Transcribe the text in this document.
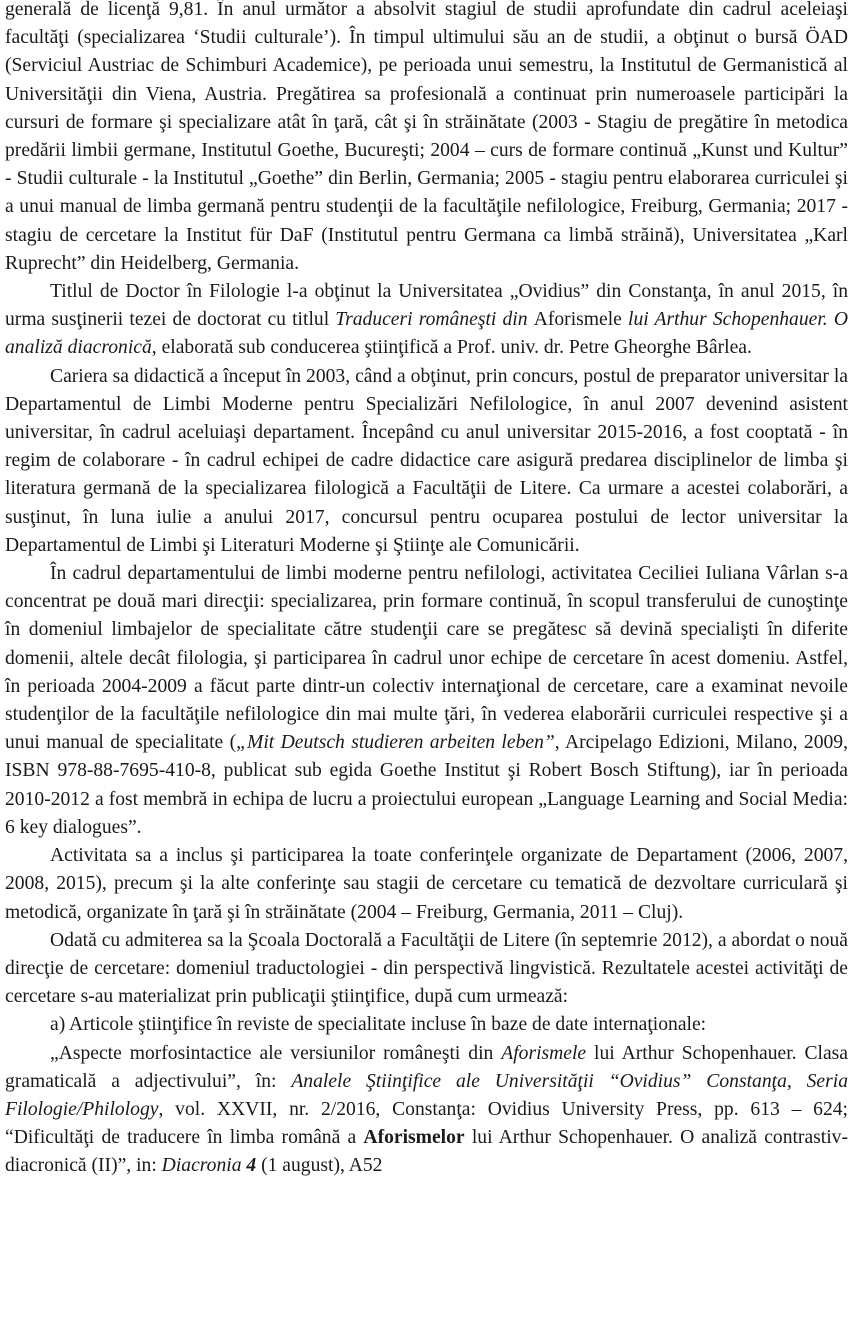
generală de licenţă 9,81. În anul următor a absolvit stagiul de studii aprofundate din cadrul aceleiaşi facultăţi (specializarea ‘Studii culturale’). În timpul ultimului său an de studii, a obţinut o bursă ÖAD (Serviciul Austriac de Schimburi Academice), pe perioada unui semestru, la Institutul de Germanistică al Universităţii din Viena, Austria. Pregătirea sa profesională a continuat prin numeroasele participări la cursuri de formare şi specializare atât în ţară, cât şi în străinătate (2003 - Stagiu de pregătire în metodica predării limbii germane, Institutul Goethe, Bucureşti; 2004 – curs de formare continuă „Kunst und Kultur” - Studii culturale - la Institutul „Goethe” din Berlin, Germania; 2005 - stagiu pentru elaborarea curriculei şi a unui manual de limba germană pentru studenţii de la facultăţile nefilologice, Freiburg, Germania; 2017 - stagiu de cercetare la Institut für DaF (Institutul pentru Germana ca limbă străină), Universitatea „Karl Ruprecht” din Heidelberg, Germania.

Titlul de Doctor în Filologie l-a obţinut la Universitatea „Ovidius” din Constanţa, în anul 2015, în urma susţinerii tezei de doctorat cu titlul Traduceri româneşti din Aforismele lui Arthur Schopenhauer. O analiză diacronică, elaborată sub conducerea ştiinţifică a Prof. univ. dr. Petre Gheorghe Bârlea.

Cariera sa didactică a început în 2003, când a obţinut, prin concurs, postul de preparator universitar la Departamentul de Limbi Moderne pentru Specializări Nefilologice, în anul 2007 devenind asistent universitar, în cadrul aceluiaşi departament. Începând cu anul universitar 2015-2016, a fost cooptată - în regim de colaborare - în cadrul echipei de cadre didactice care asigură predarea disciplinelor de limba şi literatura germană de la specializarea filologică a Facultăţii de Litere. Ca urmare a acestei colaborări, a susţinut, în luna iulie a anului 2017, concursul pentru ocuparea postului de lector universitar la Departamentul de Limbi şi Literaturi Moderne şi Ştiinţe ale Comunicării.

În cadrul departamentului de limbi moderne pentru nefilologi, activitatea Ceciliei Iuliana Vârlan s-a concentrat pe două mari direcţii: specializarea, prin formare continuă, în scopul transferului de cunoştinţe în domeniul limbajelor de specialitate către studenţii care se pregătesc să devină specialişti în diferite domenii, altele decât filologia, şi participarea în cadrul unor echipe de cercetare în acest domeniu. Astfel, în perioada 2004-2009 a făcut parte dintr-un colectiv internaţional de cercetare, care a examinat nevoile studenţilor de la facultăţile nefilologice din mai multe ţări, în vederea elaborării curriculei respective şi a unui manual de specialitate („Mit Deutsch studieren arbeiten leben”, Arcipelago Edizioni, Milano, 2009, ISBN 978-88-7695-410-8, publicat sub egida Goethe Institut şi Robert Bosch Stiftung), iar în perioada 2010-2012 a fost membră in echipa de lucru a proiectului european „Language Learning and Social Media: 6 key dialogues”.

Activitata sa a inclus şi participarea la toate conferinţele organizate de Departament (2006, 2007, 2008, 2015), precum şi la alte conferinţe sau stagii de cercetare cu tematică de dezvoltare curriculară şi metodică, organizate în ţară şi în străinătate (2004 – Freiburg, Germania, 2011 – Cluj).

Odată cu admiterea sa la Şcoala Doctorală a Facultăţii de Litere (în septemrie 2012), a abordat o nouă direcţie de cercetare: domeniul traductologiei - din perspectivă lingvistică. Rezultatele acestei activităţi de cercetare s-au materializat prin publicaţii ştiinţifice, după cum urmează:

a) Articole ştiinţifice în reviste de specialitate incluse în baze de date internaţionale:

„Aspecte morfosintactice ale versiunilor româneşti din Aforismele lui Arthur Schopenhauer. Clasa gramaticală a adjectivului”, în: Analele Ştiinţifice ale Universităţii “Ovidius” Constanţa, Seria Filologie/Philology, vol. XXVII, nr. 2/2016, Constanţa: Ovidius University Press, pp. 613 – 624; “Dificultăţi de traducere în limba română a Aforismelor lui Arthur Schopenhauer. O analiză contrastiv-diacronică (II)”, in: Diacronia 4 (1 august), A52
